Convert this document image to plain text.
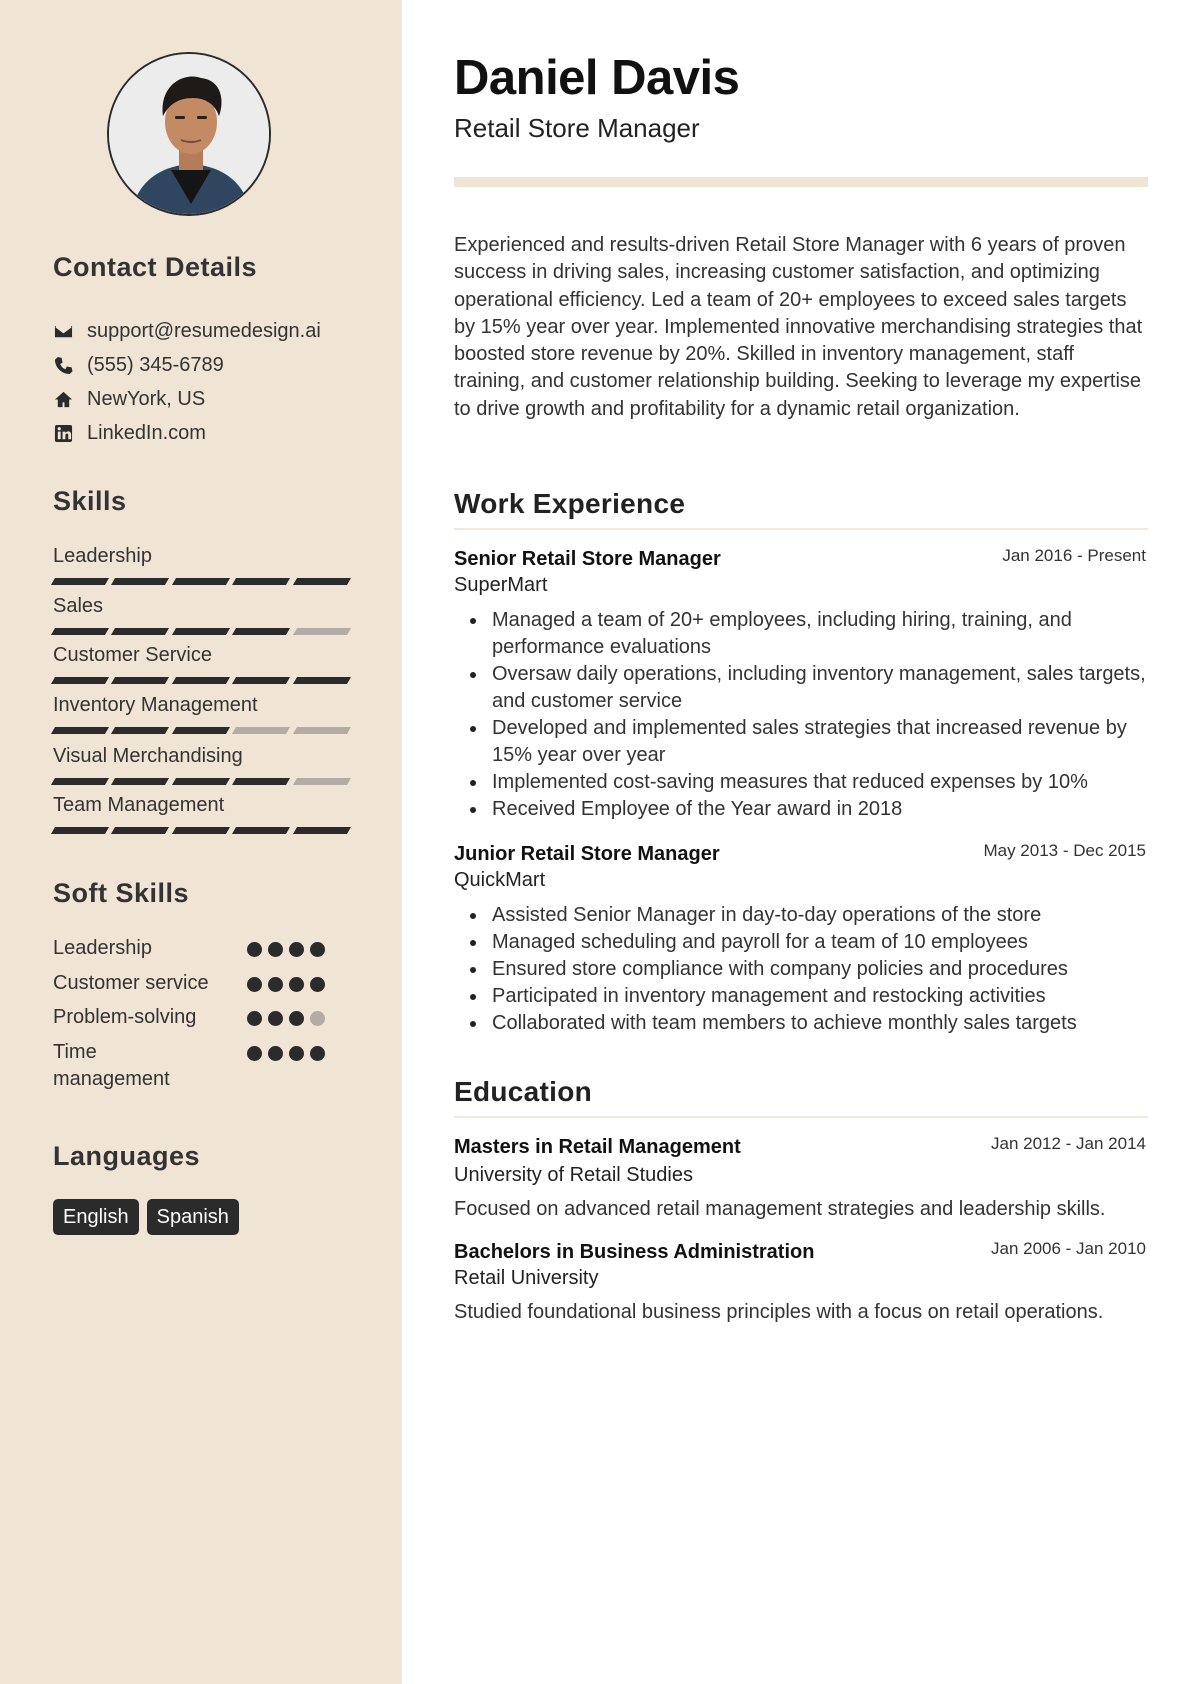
Contact Details
support@resumedesign.ai
(555) 345-6789
NewYork, US
LinkedIn.com
Skills
Leadership
Sales
Customer Service
Inventory Management
Visual Merchandising
Team Management
Soft Skills
Leadership
Customer service
Problem-solving
Time management
Languages
English	Spanish
Daniel Davis
Retail Store Manager

Experienced and results-driven Retail Store Manager with 6 years of proven success in driving sales, increasing customer satisfaction, and optimizing operational efficiency. Led a team of 20+ employees to exceed sales targets by 15% year over year. Implemented innovative merchandising strategies that boosted store revenue by 20%. Skilled in inventory management, staff training, and customer relationship building. Seeking to leverage my expertise to drive growth and profitability for a dynamic retail organization.

Work Experience
Senior Retail Store Manager	Jan 2016 - Present
SuperMart
Managed a team of 20+ employees, including hiring, training, and performance evaluations
Oversaw daily operations, including inventory management, sales targets, and customer service
Developed and implemented sales strategies that increased revenue by 15% year over year
Implemented cost-saving measures that reduced expenses by 10%
Received Employee of the Year award in 2018
Junior Retail Store Manager	May 2013 - Dec 2015
QuickMart
Assisted Senior Manager in day-to-day operations of the store
Managed scheduling and payroll for a team of 10 employees
Ensured store compliance with company policies and procedures
Participated in inventory management and restocking activities
Collaborated with team members to achieve monthly sales targets
Education
Masters in Retail Management	Jan 2012 - Jan 2014
University of Retail Studies
Focused on advanced retail management strategies and leadership skills.
Bachelors in Business Administration	Jan 2006 - Jan 2010
Retail University
Studied foundational business principles with a focus on retail operations.
